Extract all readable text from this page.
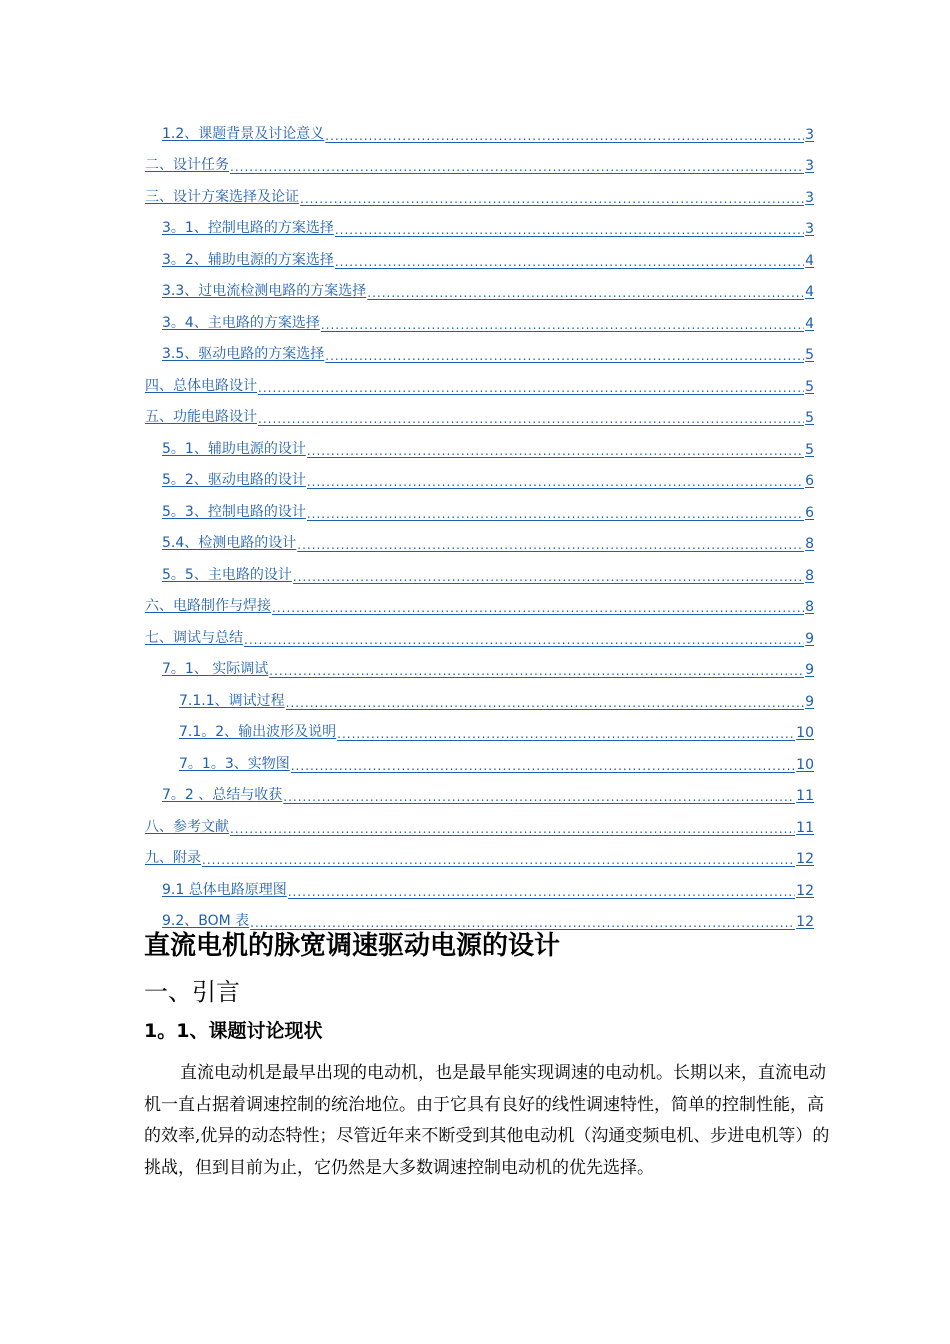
1.2、课题背景及讨论意义 .....	3
二、设计任务 .....	3
三、设计方案选择及论证 .....	3
3。1、控制电路的方案选择 .....	3
3。2、辅助电源的方案选择 .....	4
3.3、过电流检测电路的方案选择 .....	4
3。4、主电路的方案选择 .....	4
3.5、驱动电路的方案选择 .....	5
四、总体电路设计 .....	5
五、功能电路设计 .....	5
5。1、辅助电源的设计 .....	5
5。2、驱动电路的设计 .....	6
5。3、控制电路的设计 .....	6
5.4、检测电路的设计 .....	8
5。5、主电路的设计 .....	8
六、电路制作与焊接 .....	8
七、调试与总结 .....	9
7。1、 实际调试 .....	9
7.1.1、调试过程 .....	9
7.1。2、输出波形及说明 .....	10
7。1。3、实物图 .....	10
7。2 、总结与收获 .....	11
八、参考文献 .....	11
九、附录 .....	12
9.1 总体电路原理图 .....	12
9.2、BOM 表 .....	12
直流电机的脉宽调速驱动电源的设计
一、引言
1。1、课题讨论现状

直流电动机是最早出现的电动机，也是最早能实现调速的电动机。长期以来，直流电动机一直占据着调速控制的统治地位。由于它具有良好的线性调速特性，简单的控制性能，高的效率,优异的动态特性；尽管近年来不断受到其他电动机（沟通变频电机、步进电机等）的挑战，但到目前为止，它仍然是大多数调速控制电动机的优先选择。
